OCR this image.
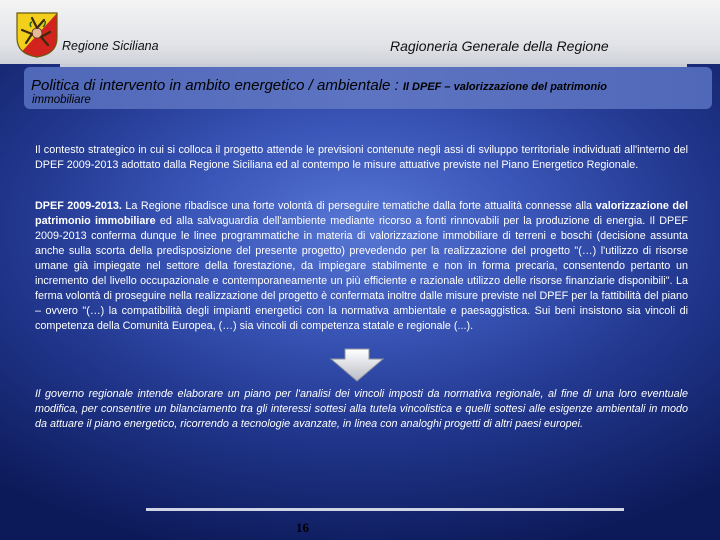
Regione Siciliana	Ragioneria Generale della Regione
Politica di intervento in ambito energetico / ambientale : Il DPEF – valorizzazione del patrimonio
immobiliare

Il contesto strategico in cui si colloca il progetto attende le previsioni contenute negli assi di sviluppo territoriale individuati all'interno del DPEF 2009-2013 adottato dalla Regione Siciliana ed al contempo le misure attuative previste nel Piano Energetico Regionale.

DPEF 2009-2013. La Regione ribadisce una forte volontà di perseguire tematiche dalla forte attualità connesse alla valorizzazione del patrimonio immobiliare ed alla salvaguardia dell'ambiente mediante ricorso a fonti rinnovabili per la produzione di energia. Il DPEF 2009-2013 conferma dunque le linee programmatiche in materia di valorizzazione immobiliare di terreni e boschi (decisione assunta anche sulla scorta della predisposizione del presente progetto) prevedendo per la realizzazione del progetto "(…) l'utilizzo di risorse umane già impiegate nel settore della forestazione, da impiegare stabilmente e non in forma precaria, consentendo pertanto un incremento del livello occupazionale e contemporaneamente un più efficiente e razionale utilizzo delle risorse finanziarie disponibili". La ferma volontà di proseguire nella realizzazione del progetto è confermata inoltre dalle misure previste nel DPEF per la fattibilità del piano – ovvero "(…) la compatibilità degli impianti energetici con la normativa ambientale e paesaggistica. Sui beni insistono sia vincoli di competenza della Comunità Europea, (…) sia vincoli di competenza statale e regionale (...).

Il governo regionale intende elaborare un piano per l'analisi dei vincoli imposti da normativa regionale, al fine di una loro eventuale modifica, per consentire un bilanciamento tra gli interessi sottesi alla tutela vincolistica e quelli sottesi alle esigenze ambientali in modo da attuare il piano energetico, ricorrendo a tecnologie avanzate, in linea con analoghi progetti di altri paesi europei.

16
